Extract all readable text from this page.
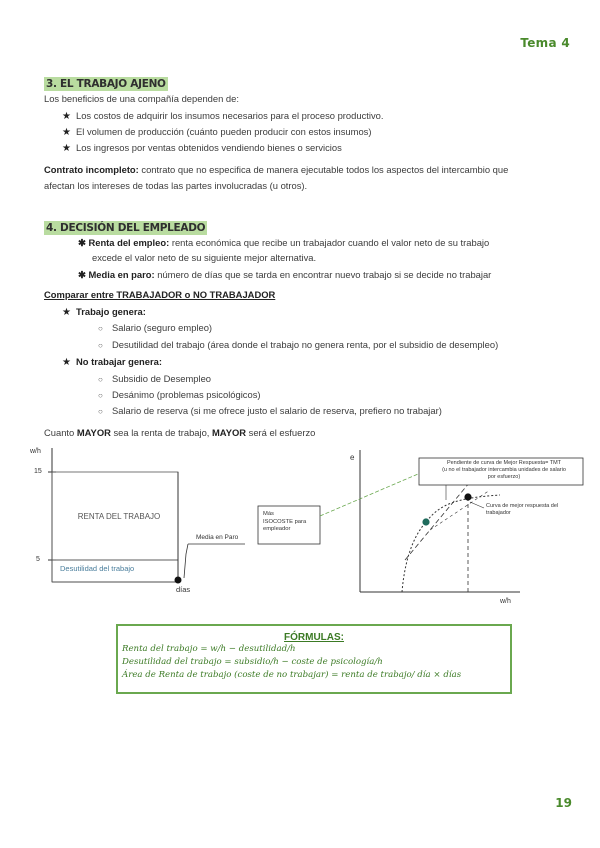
Tema 4
3. EL TRABAJO AJENO
Los beneficios de una compañía dependen de:
★ Los costos de adquirir los insumos necesarios para el proceso productivo.
★ El volumen de producción (cuánto pueden producir con estos insumos)
★ Los ingresos por ventas obtenidos vendiendo bienes o servicios
Contrato incompleto: contrato que no especifica de manera ejecutable todos los aspectos del intercambio que
afectan los intereses de todas las partes involucradas (u otros).
4. DECISIÓN DEL EMPLEADO
✱ Renta del empleo: renta económica que recibe un trabajador cuando el valor neto de su trabajo
excede el valor neto de su siguiente mejor alternativa.
✱ Media en paro: número de días que se tarda en encontrar nuevo trabajo si se decide no trabajar
Comparar entre TRABAJADOR o NO TRABAJADOR
★ Trabajo genera:
○ Salario (seguro empleo)
○ Desutilidad del trabajo (área donde el trabajo no genera renta, por el subsidio de desempleo)
★ No trabajar genera:
○ Subsidio de Desempleo
○ Desánimo (problemas psicológicos)
○ Salario de reserva (si me ofrece justo el salario de reserva, prefiero no trabajar)
Cuanto MAYOR sea la renta de trabajo, MAYOR será el esfuerzo
w/h
15
5
RENTA DEL TRABAJO
Desutilidad del trabajo
Media en Paro
días
e
w/h
Pendiente de curva de Mejor Respuesta= TMT
(u no el trabajador intercambia unidades de salario
por esfuerzo)
Curva de mejor respuesta del
trabajador
Más
ISOCOSTE para
empleador
FÓRMULAS:
Renta del trabajo = w/h − desutilidad/h
Desutilidad del trabajo = subsidio/h − coste de psicología/h
Área de Renta de trabajo (coste de no trabajar) = renta de trabajo/ día × días
19
